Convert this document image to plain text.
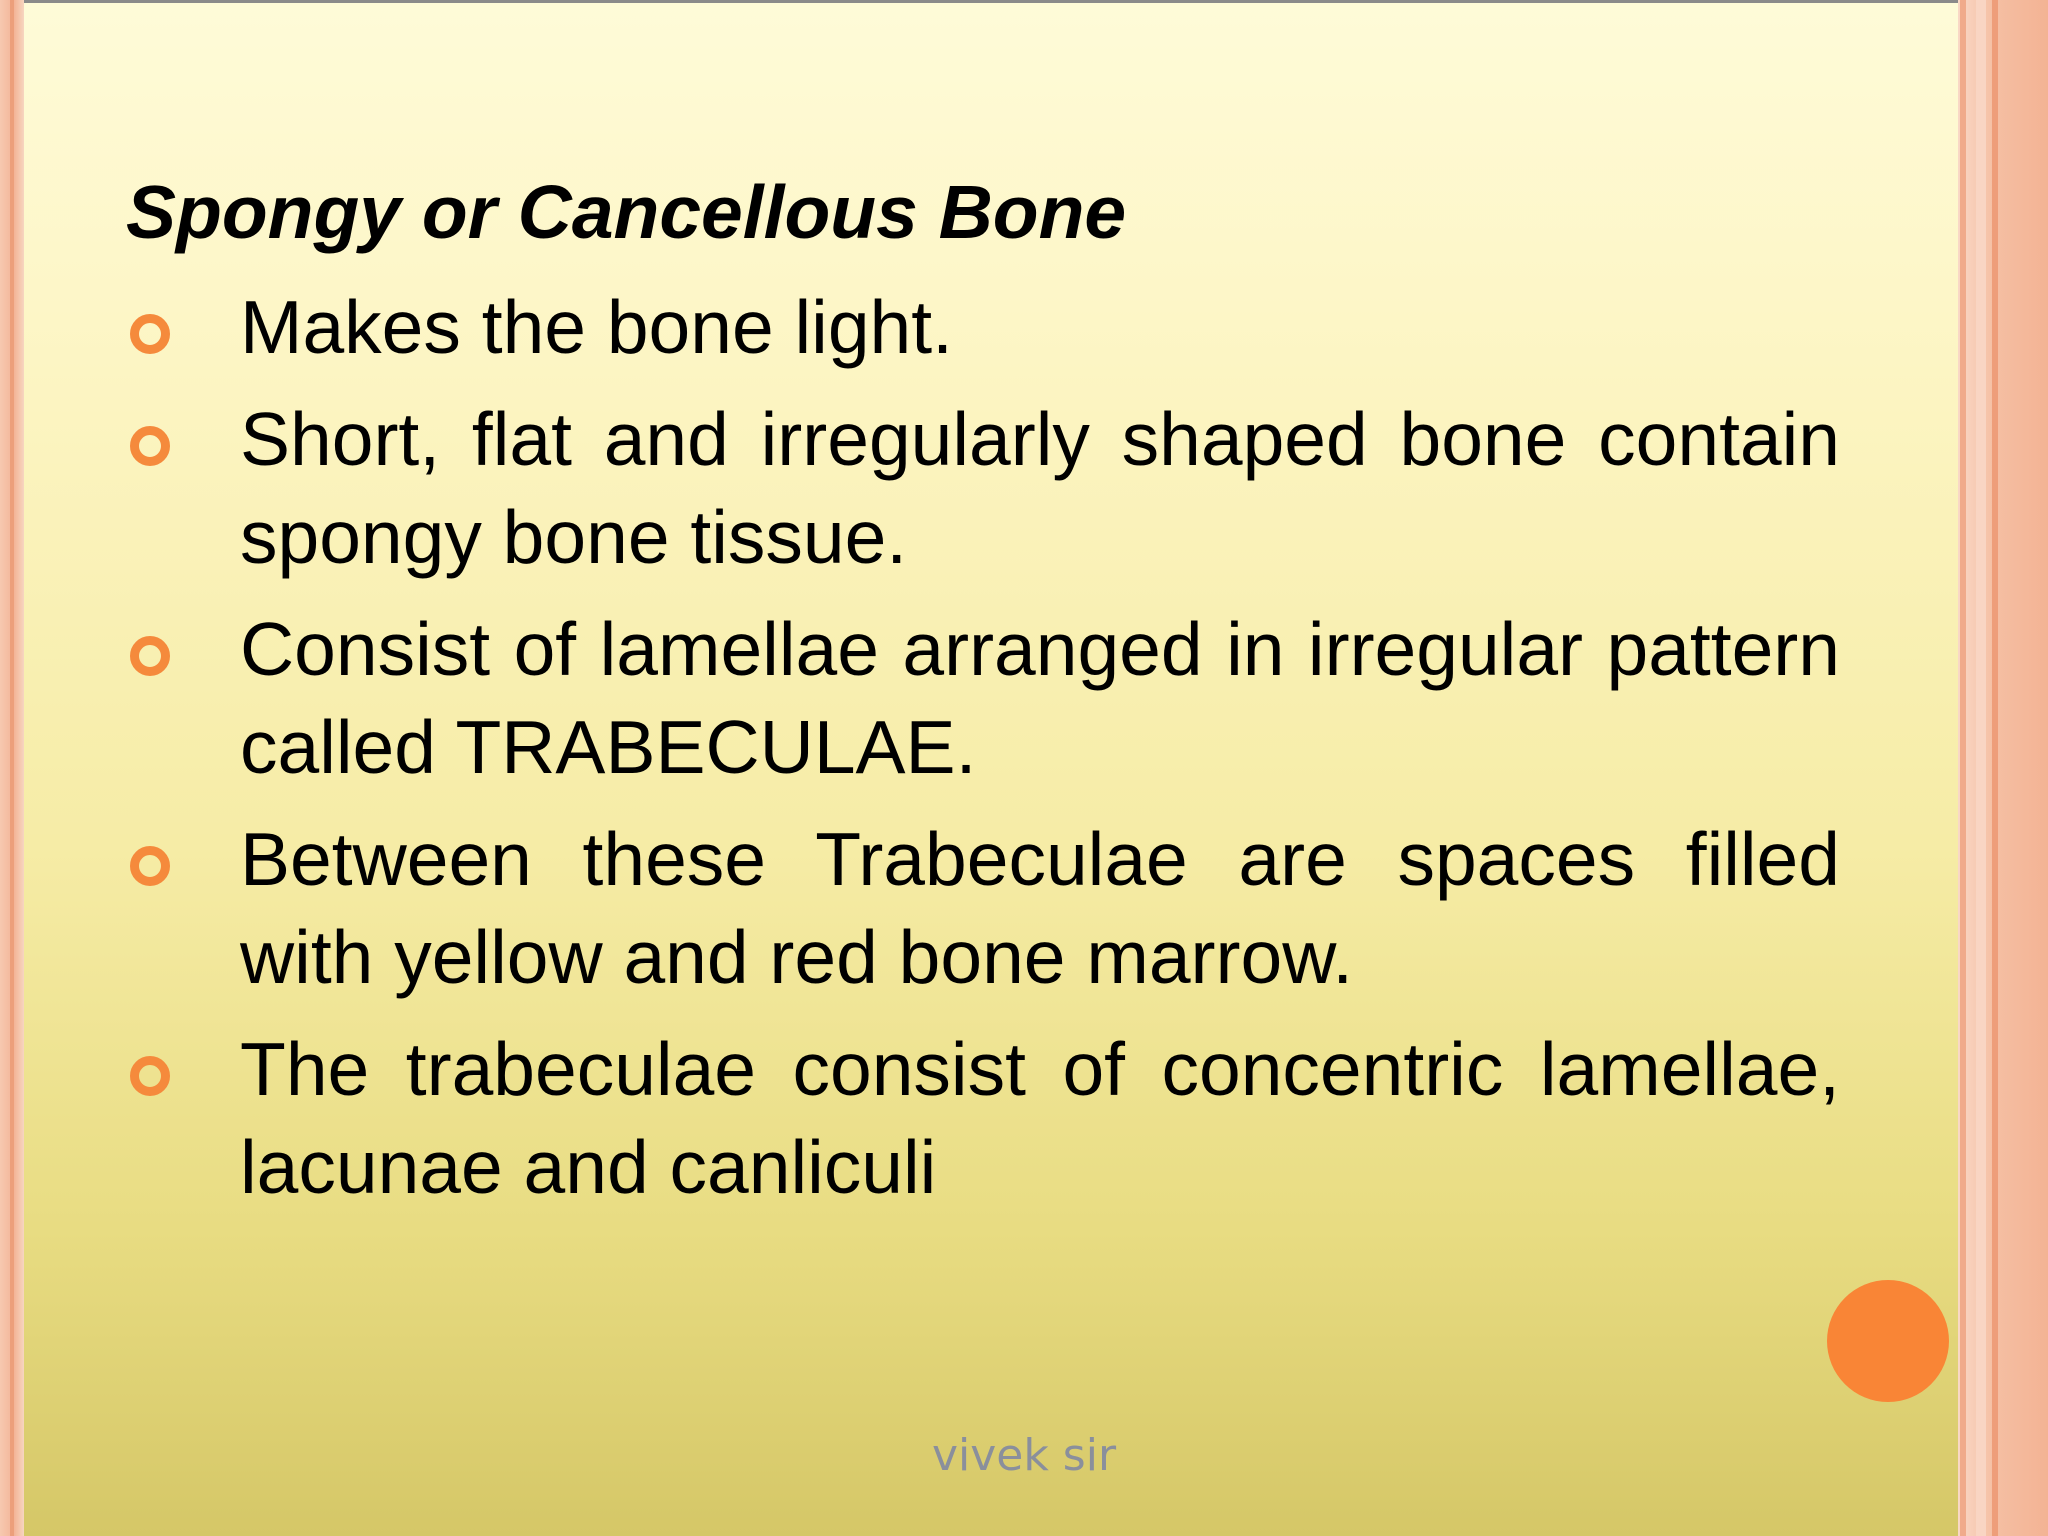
Spongy or Cancellous Bone
Makes the bone light.
Short, flat and irregularly shaped bone contain spongy bone tissue.
Consist of lamellae arranged in irregular pattern called TRABECULAE.
Between these Trabeculae are spaces filled with yellow and red bone marrow.
The trabeculae consist of concentric lamellae, lacunae and canliculi
vivek sir
